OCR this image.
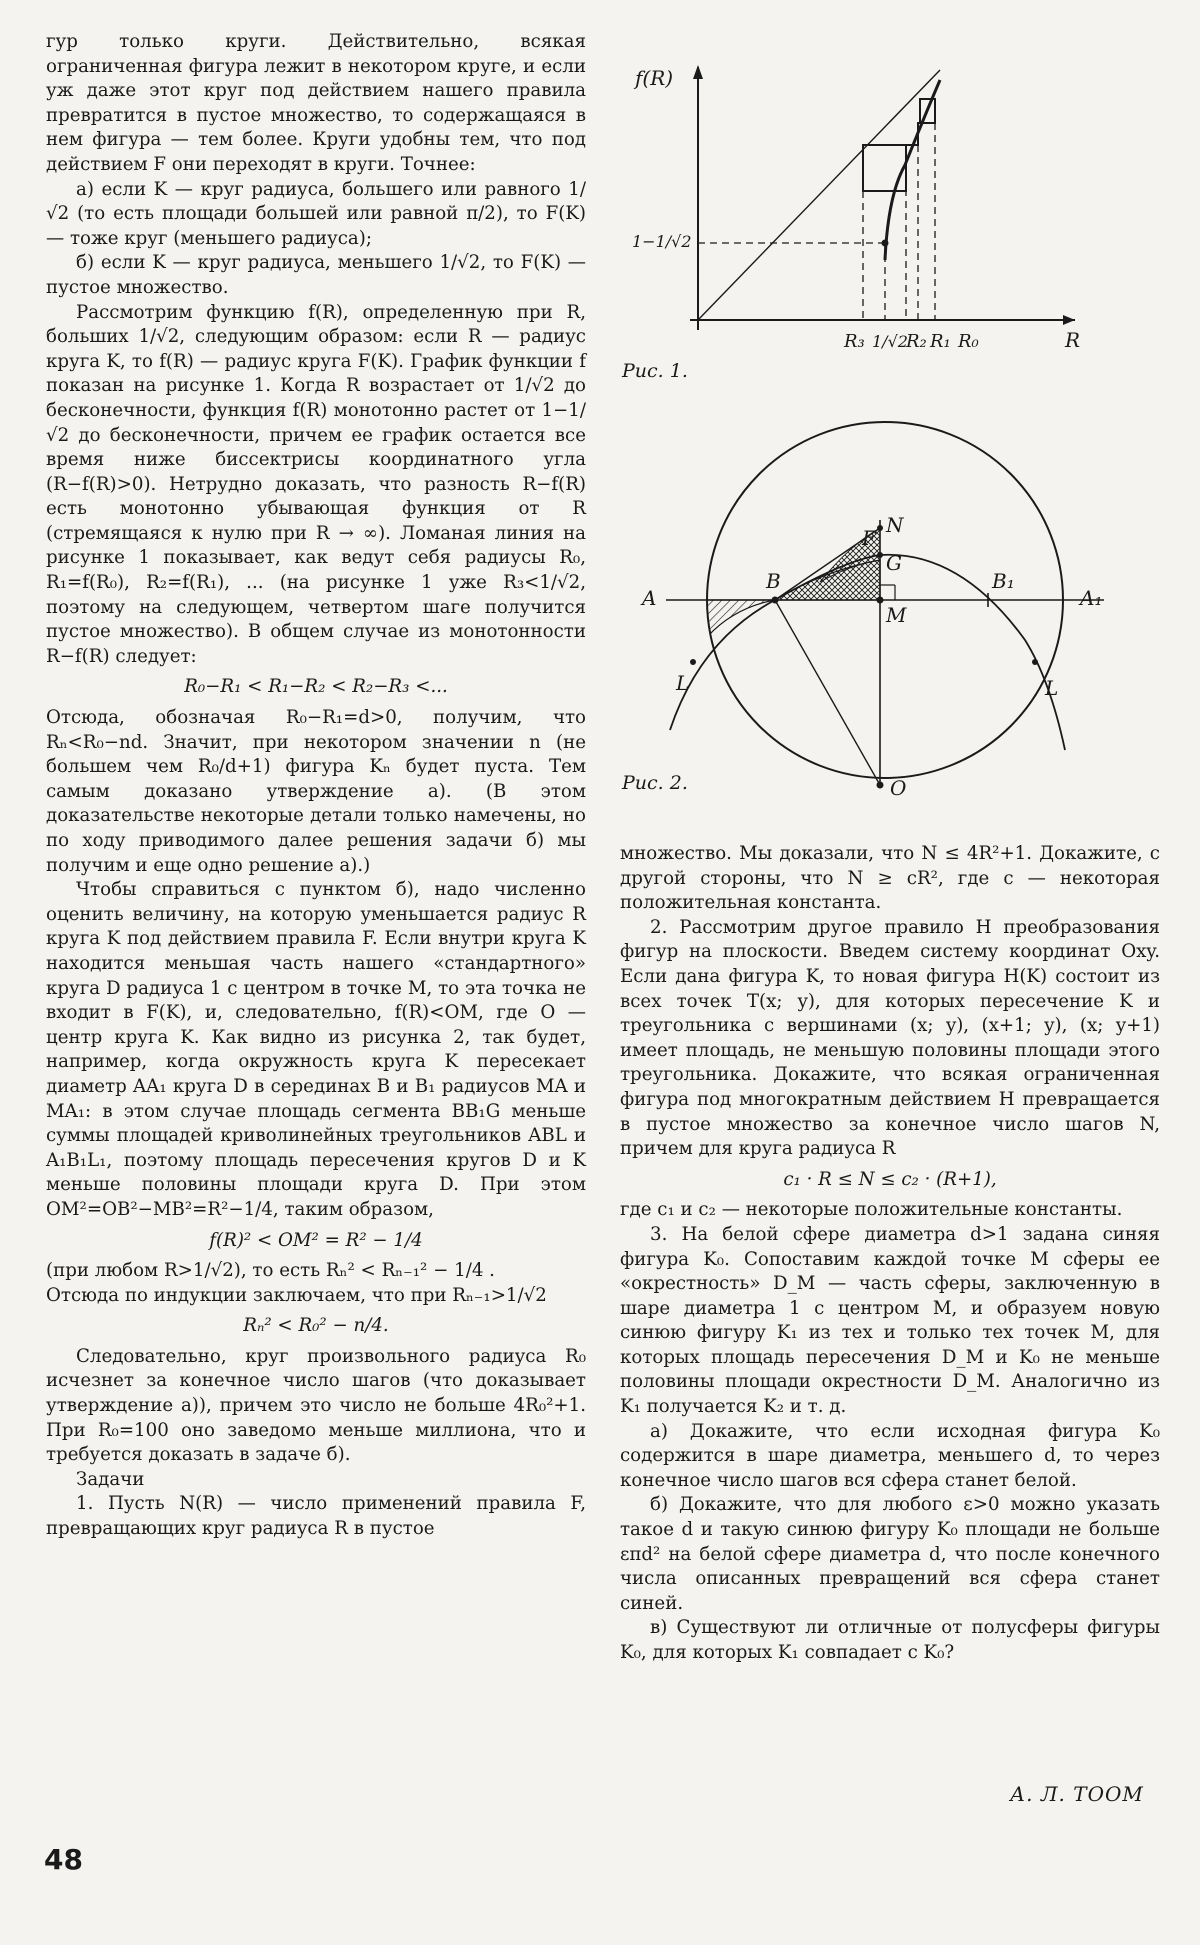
гур только круги. Действительно, всякая ограниченная фигура лежит в некотором круге, и если уж даже этот круг под действием нашего правила превратится в пустое множество, то содержащаяся в нем фигура — тем более. Круги удобны тем, что под действием F они переходят в круги. Точнее:

а) если K — круг радиуса, большего или равного 1/√2 (то есть площади большей или равной π/2), то F(K) — тоже круг (меньшего радиуса);

б) если K — круг радиуса, меньшего 1/√2, то F(K) — пустое множество.

Рассмотрим функцию f(R), определенную при R, больших 1/√2, следующим образом: если R — радиус круга K, то f(R) — радиус круга F(K). График функции f показан на рисунке 1. Когда R возрастает от 1/√2 до бесконечности, функция f(R) монотонно растет от 1−1/√2 до бесконечности, причем ее график остается все время ниже биссектрисы координатного угла (R−f(R)>0). Нетрудно доказать, что разность R−f(R) есть монотонно убывающая функция от R (стремящаяся к нулю при R → ∞). Ломаная линия на рисунке 1 показывает, как ведут себя радиусы R₀, R₁=f(R₀), R₂=f(R₁), ... (на рисунке 1 уже R₃<1/√2, поэтому на следующем, четвертом шаге получится пустое множество). В общем случае из монотонности R−f(R) следует:

R₀−R₁ < R₁−R₂ < R₂−R₃ <...

Отсюда, обозначая R₀−R₁=d>0, получим, что Rₙ<R₀−nd. Значит, при некотором значении n (не большем чем R₀/d+1) фигура Kₙ будет пуста. Тем самым доказано утверждение а). (В этом доказательстве некоторые детали только намечены, но по ходу приводимого далее решения задачи б) мы получим и еще одно решение а).)

Чтобы справиться с пунктом б), надо численно оценить величину, на которую уменьшается радиус R круга K под действием правила F. Если внутри круга K находится меньшая часть нашего «стандартного» круга D радиуса 1 с центром в точке M, то эта точка не входит в F(K), и, следовательно, f(R)<OM, где O — центр круга K. Как видно из рисунка 2, так будет, например, когда окружность круга K пересекает диаметр AA₁ круга D в серединах B и B₁ радиусов MA и MA₁: в этом случае площадь сегмента BB₁G меньше суммы площадей криволинейных треугольников ABL и A₁B₁L₁, поэтому площадь пересечения кругов D и K меньше половины площади круга D. При этом OM²=OB²−MB²=R²−1/4, таким образом,

f(R)² < OM² = R² − 1/4

(при любом R>1/√2), то есть Rₙ² < Rₙ₋₁² − 1/4 .

Отсюда по индукции заключаем, что при Rₙ₋₁>1/√2

Rₙ² < R₀² − n/4.

Следовательно, круг произвольного радиуса R₀ исчезнет за конечное число шагов (что доказывает утверждение а)), причем это число не больше 4R₀²+1. При R₀=100 оно заведомо меньше миллиона, что и требуется доказать в задаче б).

Задачи

1. Пусть N(R) — число применений правила F, превращающих круг радиуса R в пустое

f(R)
R
1−1/√2
R₃ 1/√2
R₂ R₁ R₀
Рис. 1.
A
B
M
B₁
A₁
F
N
G
L	L
O
Рис. 2.

множество. Мы доказали, что N ≤ 4R²+1. Докажите, с другой стороны, что N ≥ cR², где c — некоторая положительная константа.

2. Рассмотрим другое правило H преобразования фигур на плоскости. Введем систему координат Oxy. Если дана фигура K, то новая фигура H(K) состоит из всех точек T(x; y), для которых пересечение K и треугольника с вершинами (x; y), (x+1; y), (x; y+1) имеет площадь, не меньшую половины площади этого треугольника. Докажите, что всякая ограниченная фигура под многократным действием H превращается в пустое множество за конечное число шагов N, причем для круга радиуса R

c₁ · R ≤ N ≤ c₂ · (R+1),

где c₁ и c₂ — некоторые положительные константы.

3. На белой сфере диаметра d>1 задана синяя фигура K₀. Сопоставим каждой точке M сферы ее «окрестность» D_M — часть сферы, заключенную в шаре диаметра 1 с центром M, и образуем новую синюю фигуру K₁ из тех и только тех точек M, для которых площадь пересечения D_M и K₀ не меньше половины площади окрестности D_M. Аналогично из K₁ получается K₂ и т. д.

а) Докажите, что если исходная фигура K₀ содержится в шаре диаметра, меньшего d, то через конечное число шагов вся сфера станет белой.

б) Докажите, что для любого ε>0 можно указать такое d и такую синюю фигуру K₀ площади не больше επd² на белой сфере диаметра d, что после конечного числа описанных превращений вся сфера станет синей.

в) Существуют ли отличные от полусферы фигуры K₀, для которых K₁ совпадает с K₀?

А. Л. ТООМ
48
